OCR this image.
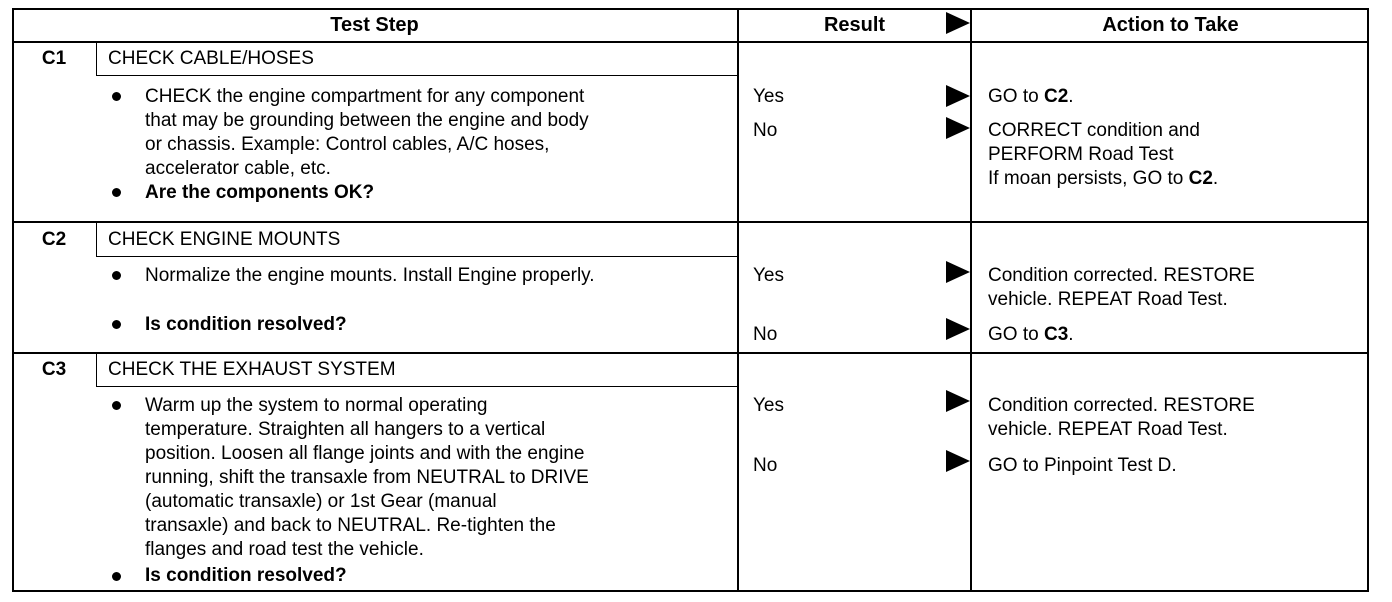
Test Step	Result	Action to Take
C1	CHECK CABLE/HOSES
CHECK the engine compartment for any component
that may be grounding between the engine and body
or chassis. Example: Control cables, A/C hoses,
accelerator cable, etc.
Are the components OK?
Yes	GO to C2.
No	CORRECT condition and
PERFORM Road Test
If moan persists, GO to C2.
C2	CHECK ENGINE MOUNTS
Normalize the engine mounts. Install Engine properly.
Is condition resolved?
Yes	Condition corrected. RESTORE
vehicle. REPEAT Road Test.
No	GO to C3.
C3	CHECK THE EXHAUST SYSTEM
Warm up the system to normal operating
temperature. Straighten all hangers to a vertical
position. Loosen all flange joints and with the engine
running, shift the transaxle from NEUTRAL to DRIVE
(automatic transaxle) or 1st Gear (manual
transaxle) and back to NEUTRAL. Re-tighten the
flanges and road test the vehicle.
Is condition resolved?
Yes	Condition corrected. RESTORE
vehicle. REPEAT Road Test.
No	GO to Pinpoint Test D.
